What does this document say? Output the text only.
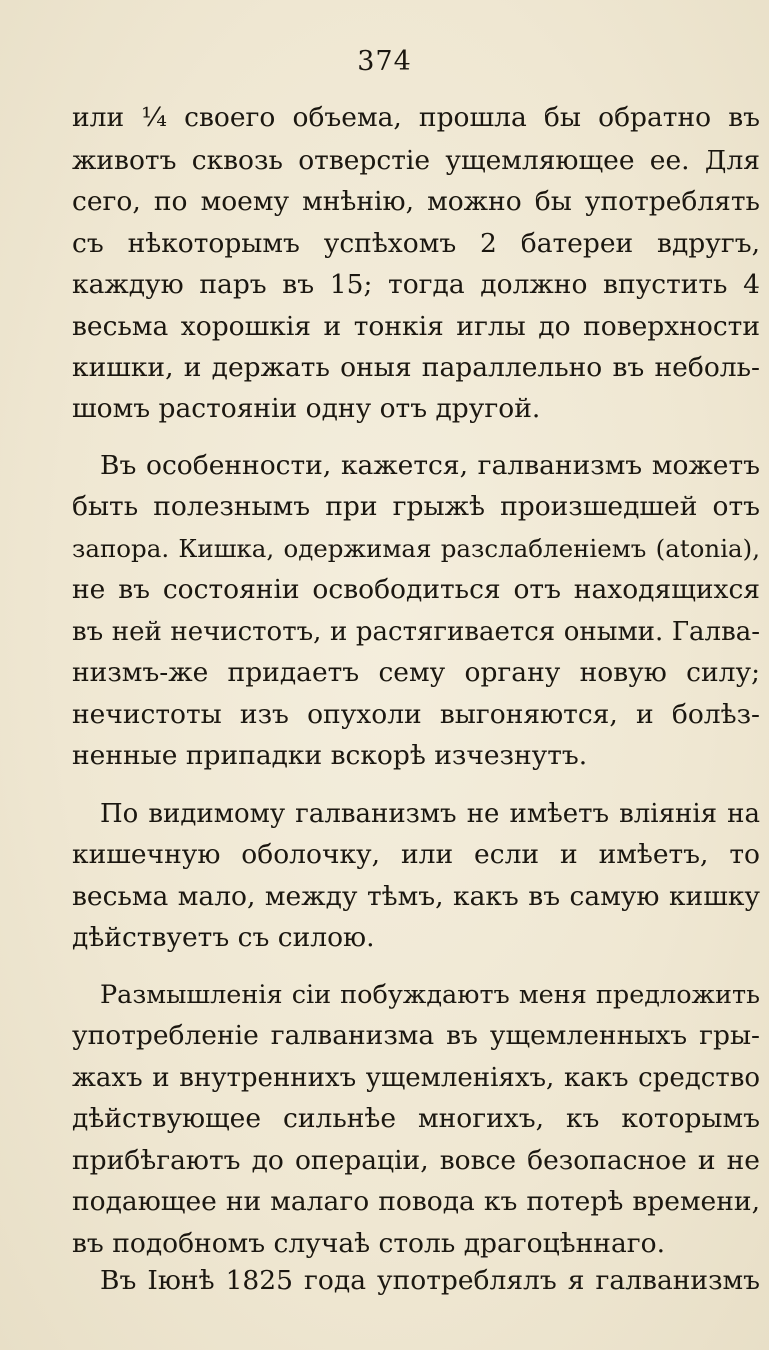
374
или ¼ своего объема, прошла бы обратно въ
животъ сквозь отверстіе ущемляющее ее. Для
сего, по моему мнѣнію, можно бы употреблять
съ нѣкоторымъ успѣхомъ 2 батереи вдругъ,
каждую паръ въ 15; тогда должно впустить 4
весьма хорошкія и тонкія иглы до поверхности
кишки, и держать оныя параллельно въ неболь-
шомъ растояніи одну отъ другой.
Въ особенности, кажется, галванизмъ можетъ
быть полезнымъ при грыжѣ произшедшей отъ
запора. Кишка, одержимая разслабленіемъ (atonia),
не въ состояніи освободиться отъ находящихся
въ ней нечистотъ, и растягивается оными. Галва-
низмъ-же придаетъ сему органу новую силу;
нечистоты изъ опухоли выгоняются, и болѣз-
ненные припадки вскорѣ изчезнутъ.
По видимому галванизмъ не имѣетъ вліянія на
кишечную оболочку, или если и имѣетъ, то
весьма мало, между тѣмъ, какъ въ самую кишку
дѣйствуетъ съ силою.
Размышленія сіи побуждаютъ меня предложить
употребленіе галванизма въ ущемленныхъ гры-
жахъ и внутреннихъ ущемленіяхъ, какъ средство
дѣйствующее сильнѣе многихъ, къ которымъ
прибѣгаютъ до операціи, вовсе безопасное и не
подающее ни малаго повода къ потерѣ времени,
въ подобномъ случаѣ столь драгоцѣннаго.
Въ Іюнѣ 1825 года употреблялъ я галванизмъ
